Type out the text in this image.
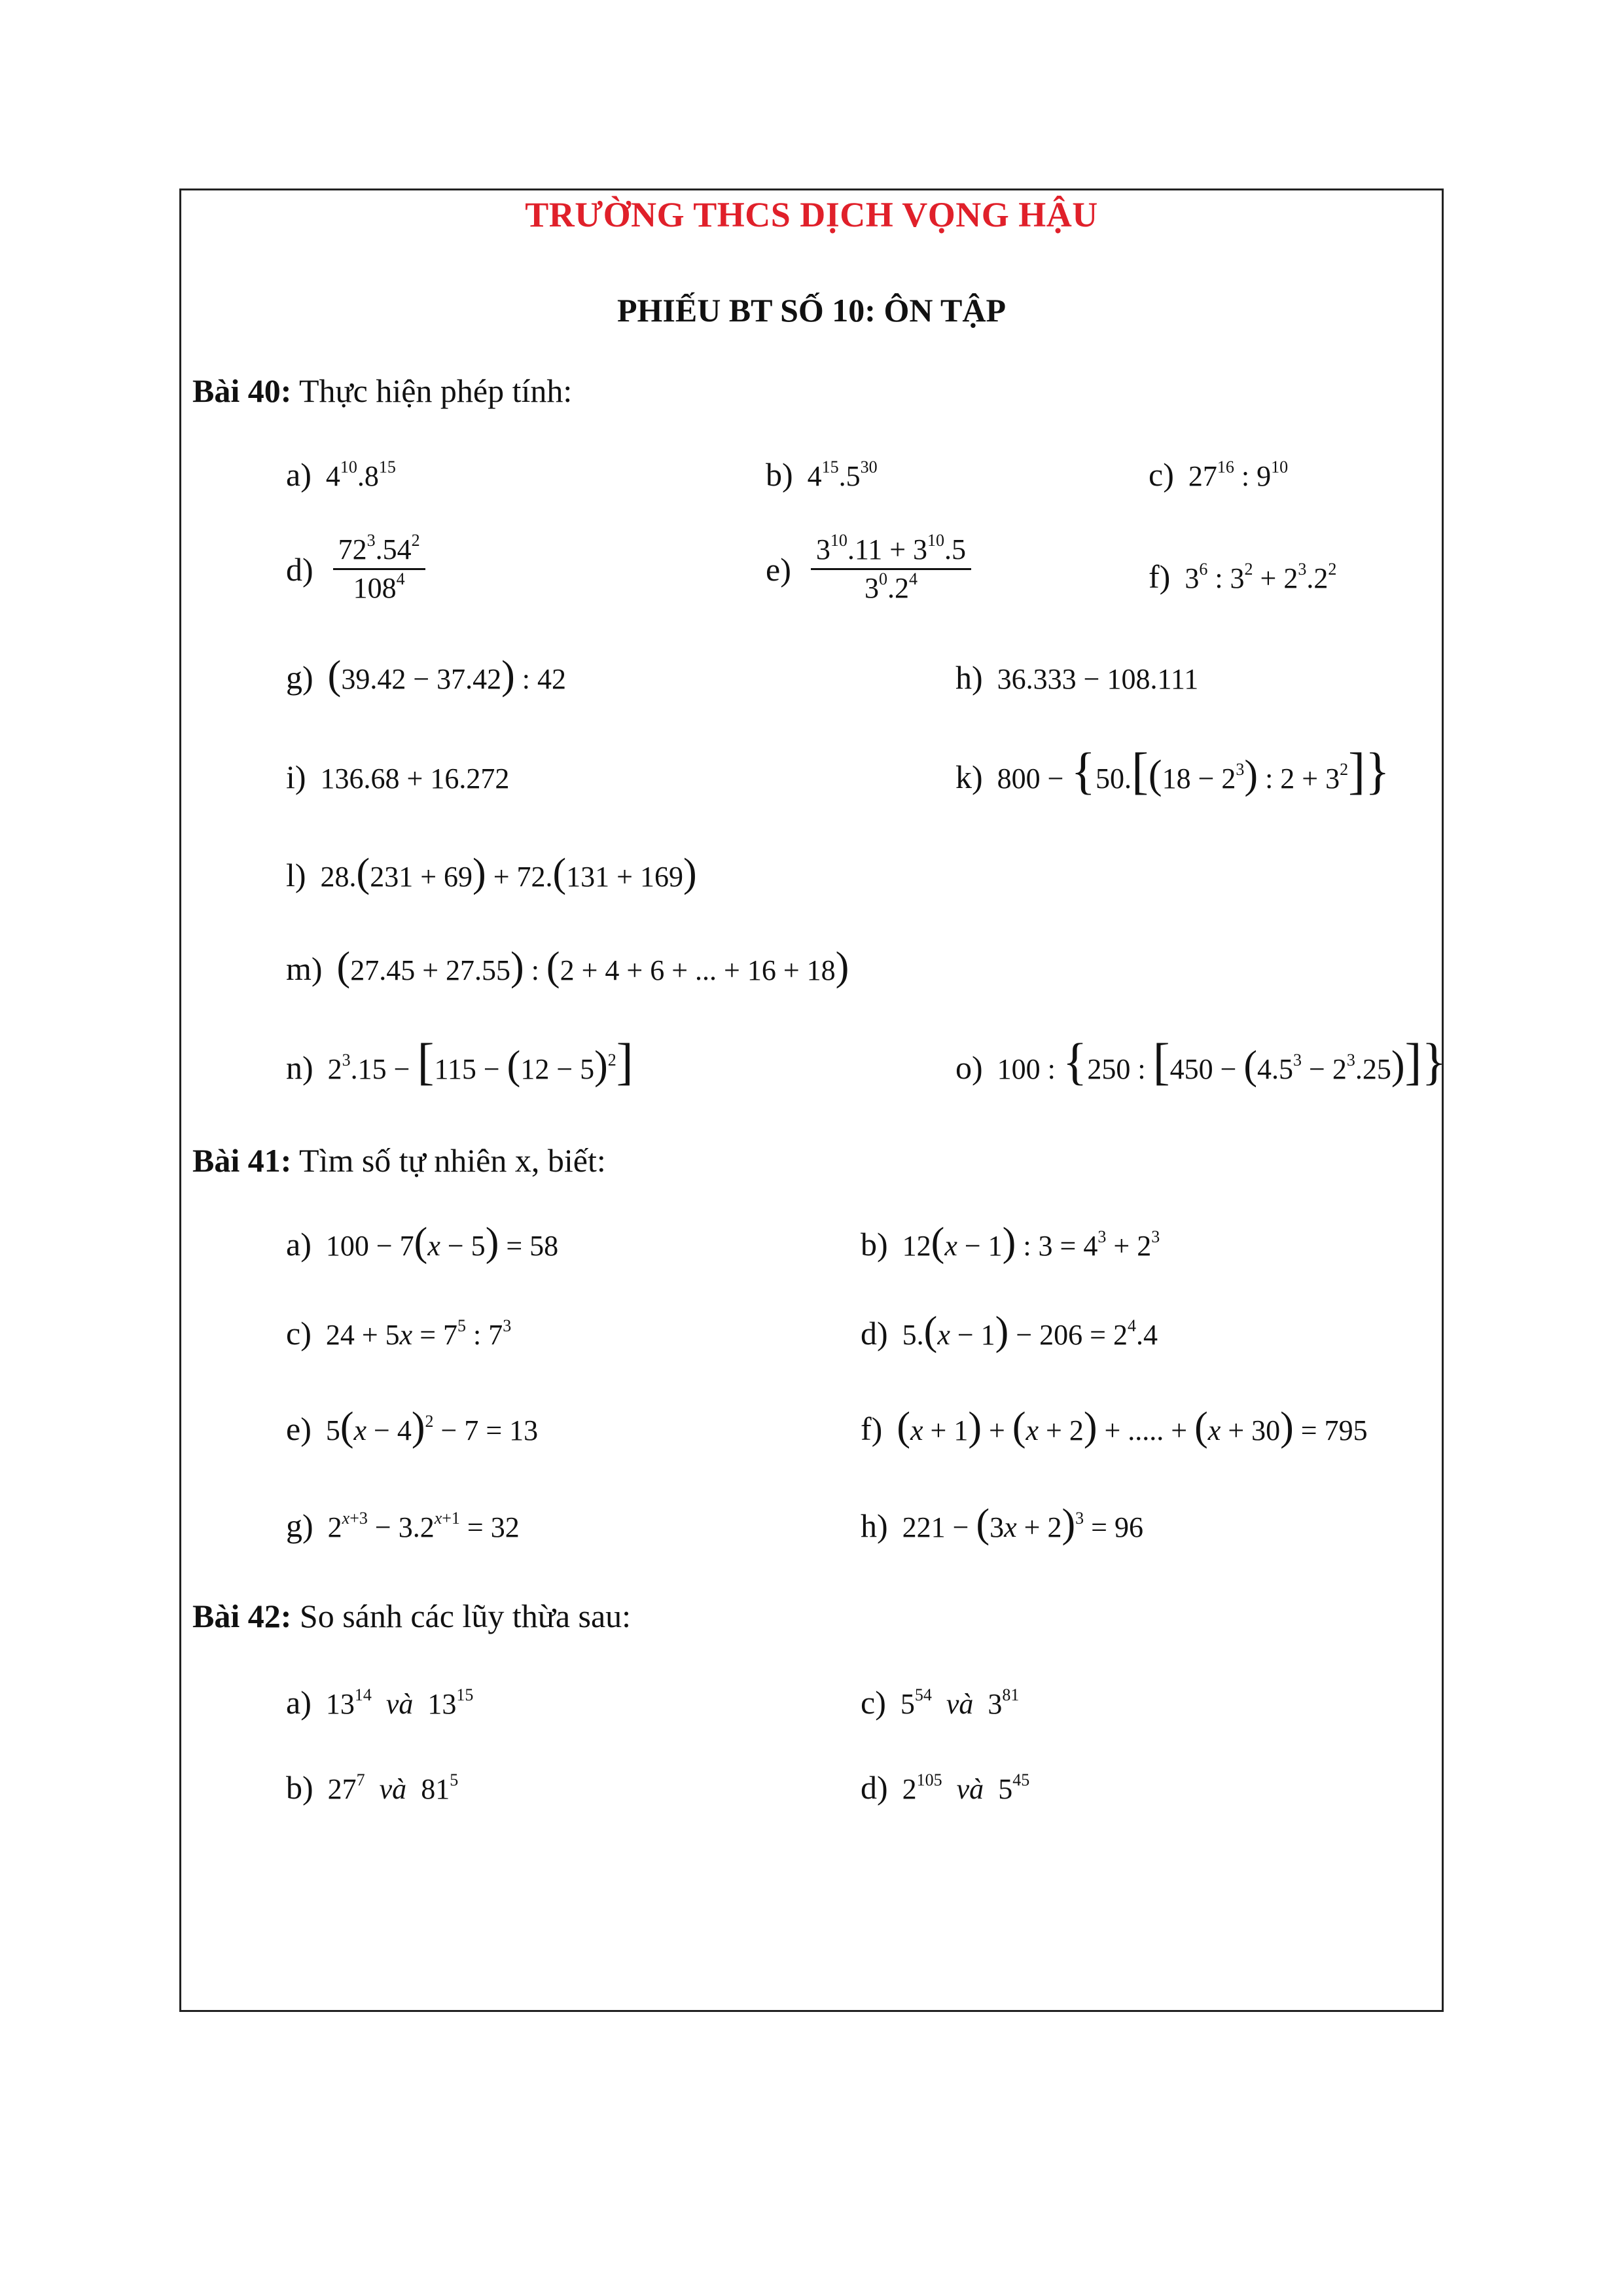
TRƯỜNG THCS DỊCH VỌNG HẬU
PHIẾU BT SỐ 10: ÔN TẬP
Bài 40: Thực hiện phép tính:
a) $4^{10}.8^{15}$	b) $4^{15}.5^{30}$	c) $27^{16}$ : $9^{10}$
$d) \frac{72^3.54^2}{108^4}$	$e) \frac{3^{10}.11 + 3^{10}.5}{3^0.2^4}$	f) $3^6$ : $3^2 + 2^3.2^2$
g) (39.42 − 37.42) : 42	h) 36.333 − 108.111
i) 136.68 + 16.272	k) $800 - \{50.[(18 - 2^3)$ : $2 + 3^2$]}
l) 28.(231 + 69) + 72.(131 + 169)
m) (27.45 + 27.55) : (2 + 4 + 6 + ... + 16 + 18)
n) $2^3.15 - [115 - (12 - 5)^2]$	o) 100 : {250 : $[450 - (4.5^3 - 2^3.25)]$}
Bài 41: Tìm số tự nhiên x, biết:
a) 100 − 7(x − 5) = 58	b) 12(x − 1) : $3 = 4^3 + 2^3$
c) $24 + 5x = 7^5$ : $7^3$	d) $5.(x - 1) - 206 = 2^4.4$
e) $5(x - 4)^2 - 7 = 13$	f) (x + 1) + (x + 2) + ..... + (x + 30) = 795
g) $2^{x+3} - 3.2^{x+1} = 32$	h) $221 - (3x + 2)^3 = 96$
Bài 42: So sánh các lũy thừa sau:
a) $13^{14}$ và  $13^{15}$	c) $5^{54}$ và  $3^{81}$
b) $27^7$ và  $81^5$	d) $2^{105}$ và  $5^{45}$
